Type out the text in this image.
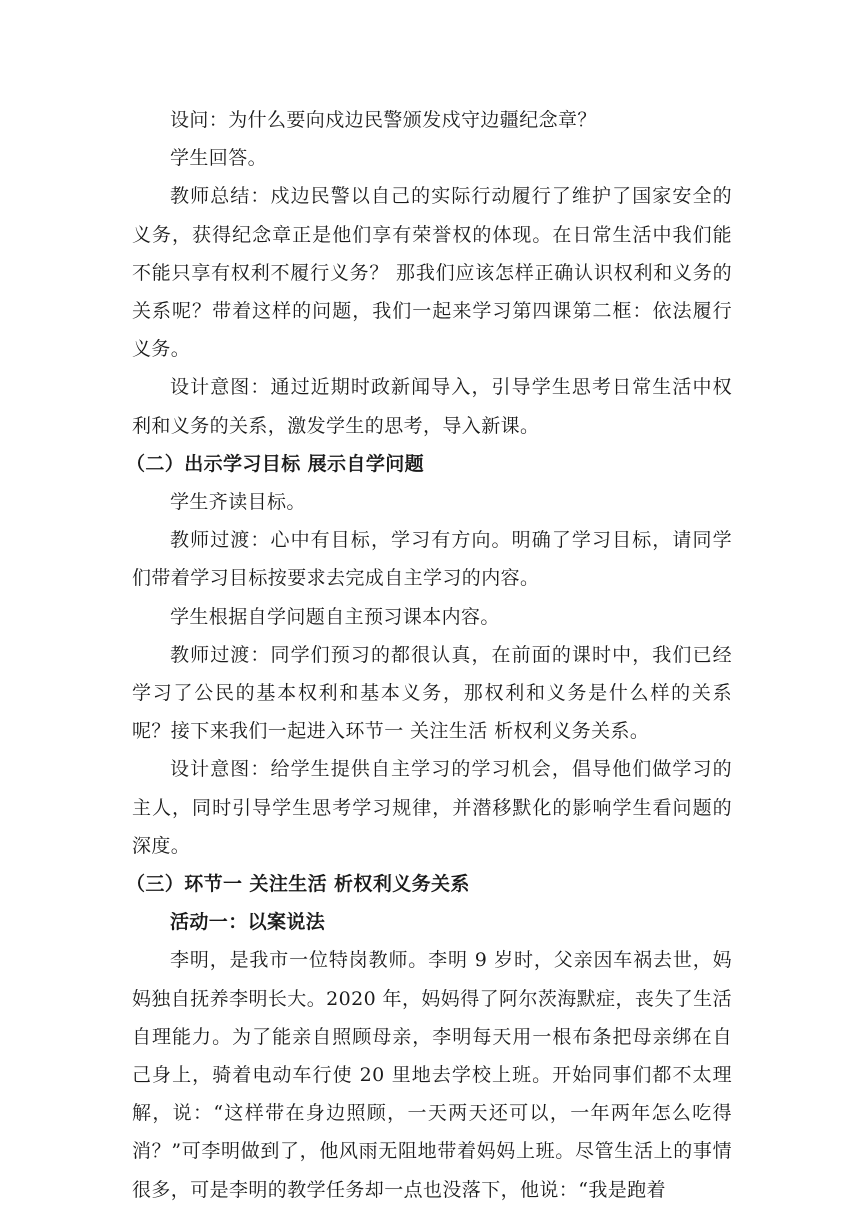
设问：为什么要向戍边民警颁发戍守边疆纪念章？

学生回答。

教师总结：戍边民警以自己的实际行动履行了维护了国家安全的义务，获得纪念章正是他们享有荣誉权的体现。在日常生活中我们能不能只享有权利不履行义务？ 那我们应该怎样正确认识权利和义务的关系呢？带着这样的问题，我们一起来学习第四课第二框：依法履行义务。

设计意图：通过近期时政新闻导入，引导学生思考日常生活中权利和义务的关系，激发学生的思考，导入新课。

（二）出示学习目标 展示自学问题

学生齐读目标。

教师过渡：心中有目标，学习有方向。明确了学习目标，请同学们带着学习目标按要求去完成自主学习的内容。

学生根据自学问题自主预习课本内容。

教师过渡：同学们预习的都很认真，在前面的课时中，我们已经学习了公民的基本权利和基本义务，那权利和义务是什么样的关系呢？接下来我们一起进入环节一 关注生活 析权利义务关系。

设计意图：给学生提供自主学习的学习机会，倡导他们做学习的主人，同时引导学生思考学习规律，并潜移默化的影响学生看问题的深度。

（三）环节一 关注生活 析权利义务关系

活动一：以案说法

李明，是我市一位特岗教师。李明 9 岁时，父亲因车祸去世，妈妈独自抚养李明长大。2020 年，妈妈得了阿尔茨海默症，丧失了生活自理能力。为了能亲自照顾母亲，李明每天用一根布条把母亲绑在自己身上，骑着电动车行使 20 里地去学校上班。开始同事们都不太理解，说：“这样带在身边照顾，一天两天还可以，一年两年怎么吃得消？”可李明做到了，他风雨无阻地带着妈妈上班。尽管生活上的事情很多，可是李明的教学任务却一点也没落下，他说：“我是跑着
